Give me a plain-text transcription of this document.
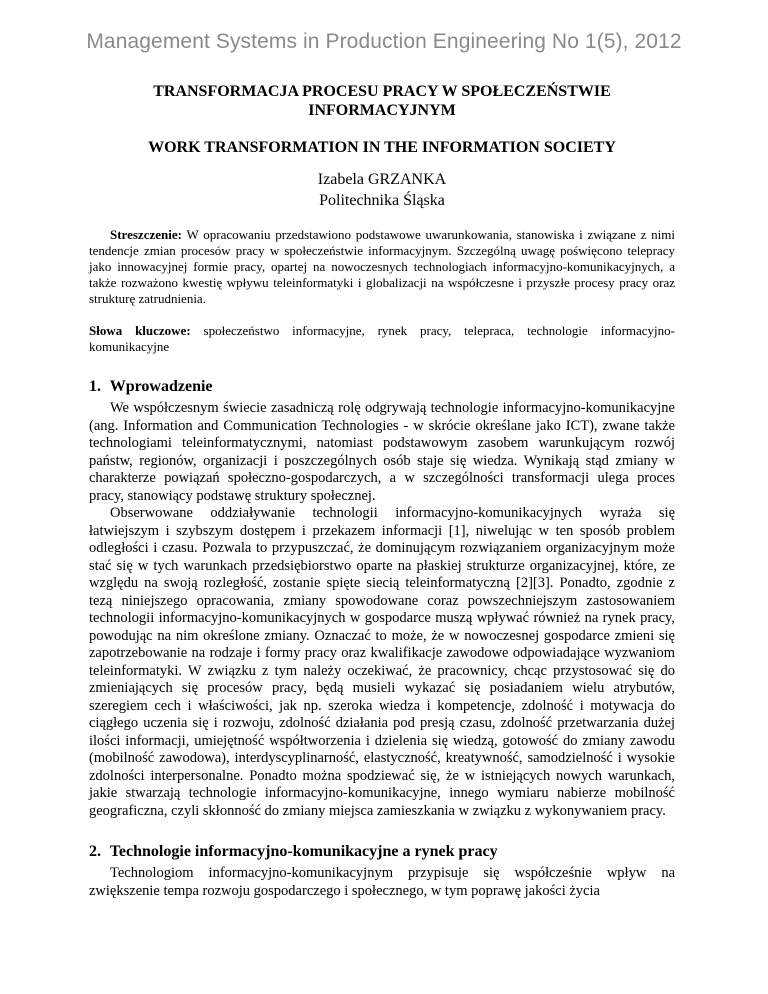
Management Systems in Production Engineering No 1(5), 2012
TRANSFORMACJA PROCESU PRACY W SPOŁECZEŃSTWIE INFORMACYJNYM
WORK TRANSFORMATION IN THE INFORMATION SOCIETY
Izabela GRZANKA
Politechnika Śląska

Streszczenie: W opracowaniu przedstawiono podstawowe uwarunkowania, stanowiska i związane z nimi tendencje zmian procesów pracy w społeczeństwie informacyjnym. Szczególną uwagę poświęcono telepracy jako innowacyjnej formie pracy, opartej na nowoczesnych technologiach informacyjno-komunikacyjnych, a także rozważono kwestię wpływu teleinformatyki i globalizacji na współczesne i przyszłe procesy pracy oraz strukturę zatrudnienia.

Słowa kluczowe: społeczeństwo informacyjne, rynek pracy, telepraca, technologie informacyjno-komunikacyjne

1. Wprowadzenie

We współczesnym świecie zasadniczą rolę odgrywają technologie informacyjno-komunikacyjne (ang. Information and Communication Technologies - w skrócie określane jako ICT), zwane także technologiami teleinformatycznymi, natomiast podstawowym zasobem warunkującym rozwój państw, regionów, organizacji i poszczególnych osób staje się wiedza. Wynikają stąd zmiany w charakterze powiązań społeczno-gospodarczych, a w szczególności transformacji ulega proces pracy, stanowiący podstawę struktury społecznej.

Obserwowane oddziaływanie technologii informacyjno-komunikacyjnych wyraża się łatwiejszym i szybszym dostępem i przekazem informacji [1], niwelując w ten sposób problem odległości i czasu. Pozwala to przypuszczać, że dominującym rozwiązaniem organizacyjnym może stać się w tych warunkach przedsiębiorstwo oparte na płaskiej strukturze organizacyjnej, które, ze względu na swoją rozległość, zostanie spięte siecią teleinformatyczną [2][3]. Ponadto, zgodnie z tezą niniejszego opracowania, zmiany spowodowane coraz powszechniejszym zastosowaniem technologii informacyjno-komunikacyjnych w gospodarce muszą wpływać również na rynek pracy, powodując na nim określone zmiany. Oznaczać to może, że w nowoczesnej gospodarce zmieni się zapotrzebowanie na rodzaje i formy pracy oraz kwalifikacje zawodowe odpowiadające wyzwaniom teleinformatyki. W związku z tym należy oczekiwać, że pracownicy, chcąc przystosować się do zmieniających się procesów pracy, będą musieli wykazać się posiadaniem wielu atrybutów, szeregiem cech i właściwości, jak np. szeroka wiedza i kompetencje, zdolność i motywacja do ciągłego uczenia się i rozwoju, zdolność działania pod presją czasu, zdolność przetwarzania dużej ilości informacji, umiejętność współtworzenia i dzielenia się wiedzą, gotowość do zmiany zawodu (mobilność zawodowa), interdyscyplinarność, elastyczność, kreatywność, samodzielność i wysokie zdolności interpersonalne. Ponadto można spodziewać się, że w istniejących nowych warunkach, jakie stwarzają technologie informacyjno-komunikacyjne, innego wymiaru nabierze mobilność geograficzna, czyli skłonność do zmiany miejsca zamieszkania w związku z wykonywaniem pracy.

2. Technologie informacyjno-komunikacyjne a rynek pracy

Technologiom informacyjno-komunikacyjnym przypisuje się współcześnie wpływ na zwiększenie tempa rozwoju gospodarczego i społecznego, w tym poprawę jakości życia
